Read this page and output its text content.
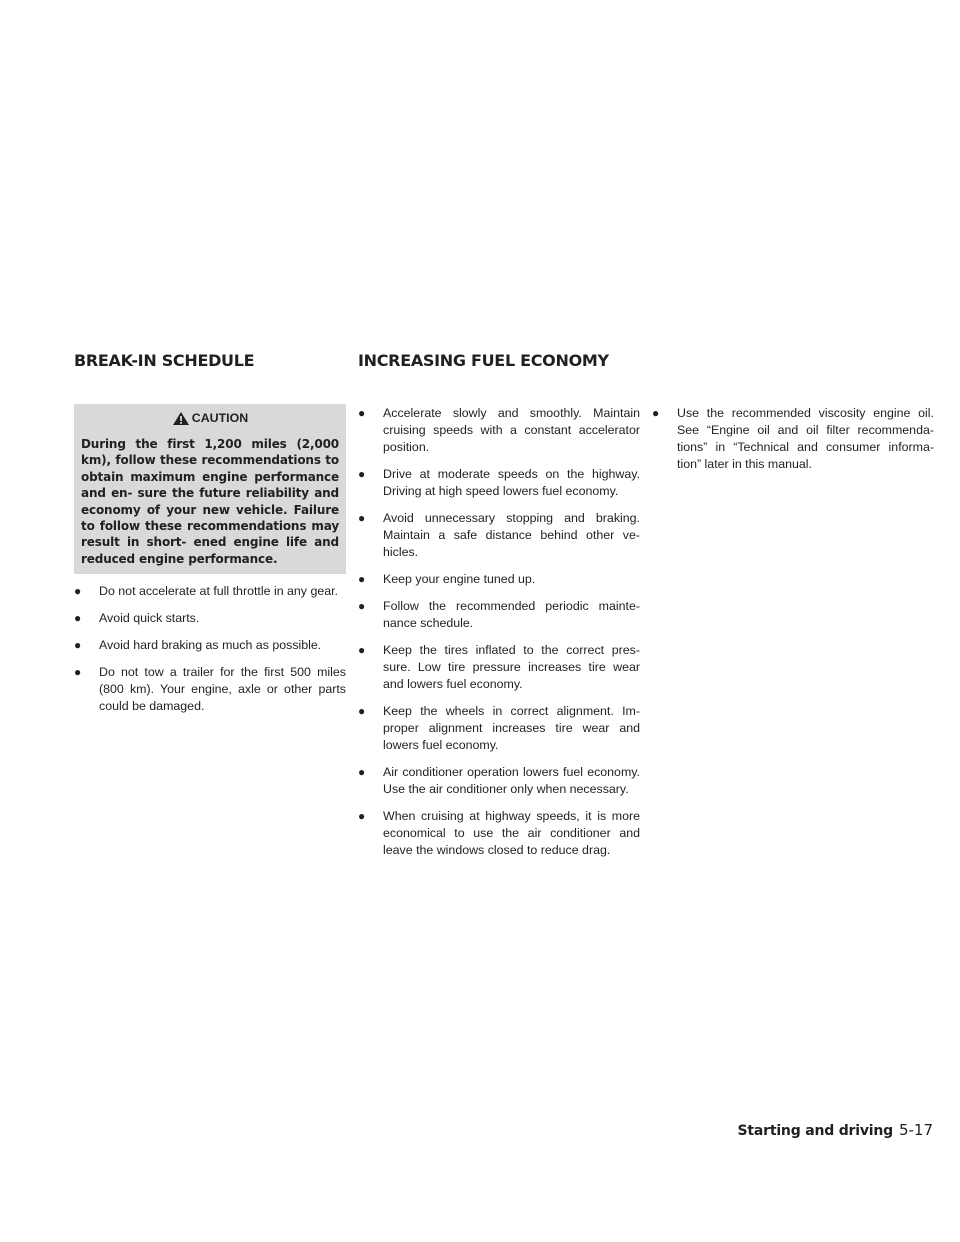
BREAK-IN SCHEDULE	INCREASING FUEL ECONOMY
CAUTION

During the first 1,200 miles (2,000 km), follow these recommendations to obtain maximum engine performance and en- sure the future reliability and economy of your new vehicle. Failure to follow these recommendations may result in short- ened engine life and reduced engine performance.

● Do not accelerate at full throttle in any gear.
● Avoid quick starts.
● Avoid hard braking as much as possible.
● Do not tow a trailer for the first 500 miles (800 km). Your engine, axle or other parts could be damaged.
● Accelerate slowly and smoothly. Maintain cruising speeds with a constant accelerator position.
● Drive at moderate speeds on the highway. Driving at high speed lowers fuel economy.
● Avoid unnecessary stopping and braking. Maintain a safe distance behind other ve- hicles.
● Keep your engine tuned up.
● Follow the recommended periodic mainte- nance schedule.
● Keep the tires inflated to the correct pres- sure. Low tire pressure increases tire wear and lowers fuel economy.
● Keep the wheels in correct alignment. Im- proper alignment increases tire wear and lowers fuel economy.
● Air conditioner operation lowers fuel economy. Use the air conditioner only when necessary.
● When cruising at highway speeds, it is more economical to use the air conditioner and leave the windows closed to reduce drag.
● Use the recommended viscosity engine oil. See “Engine oil and oil filter recommenda- tions” in “Technical and consumer informa- tion” later in this manual.
Starting and driving 5-17
